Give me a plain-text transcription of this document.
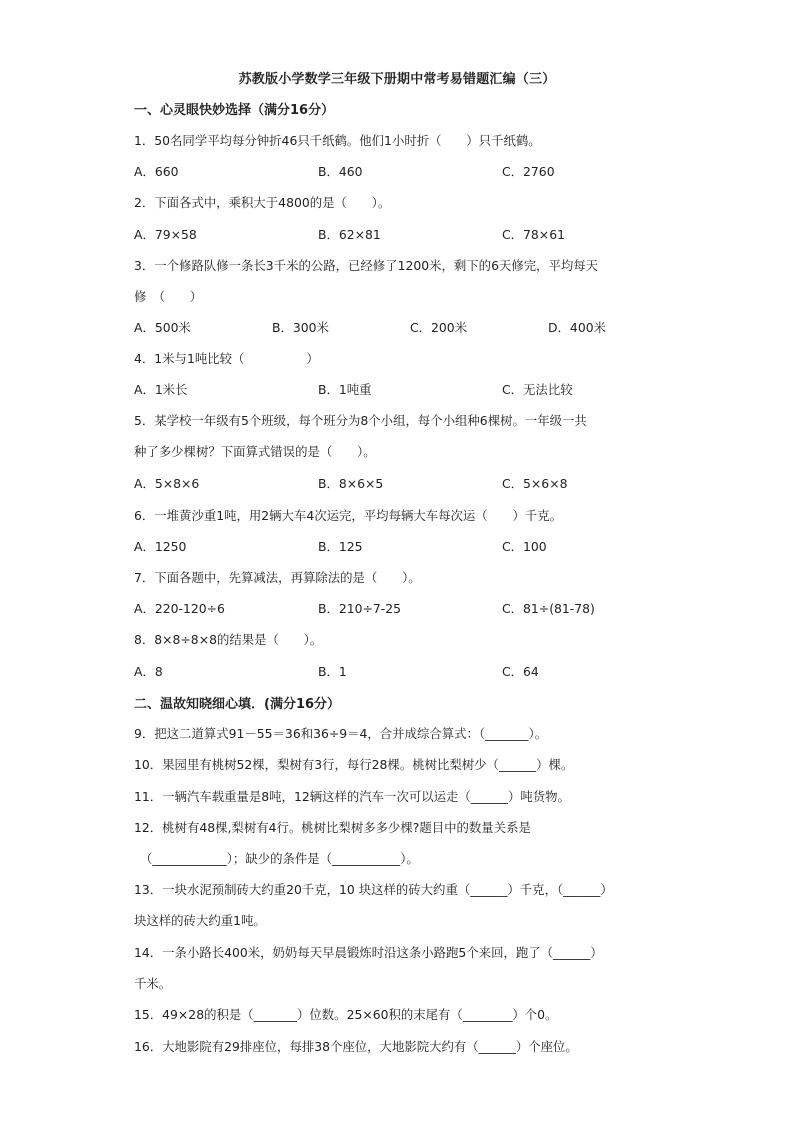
苏教版小学数学三年级下册期中常考易错题汇编（三）
一、心灵眼快妙选择（满分16分）
1．50名同学平均每分钟折46只千纸鹤。他们1小时折（　　）只千纸鹤。
A．660	B．460	C．2760
2．下面各式中，乘积大于4800的是（　　）。
A．79×58	B．62×81	C．78×61
3．一个修路队修一条长3千米的公路，已经修了1200米，剩下的6天修完，平均每天
修　（　　）
A．500米	B．300米	C．200米	D．400米
4．1米与1吨比较（　　　　　）
A．1米长	B．1吨重	C．无法比较
5．某学校一年级有5个班级，每个班分为8个小组，每个小组种6棵树。一年级一共
种了多少棵树？下面算式错误的是（　　）。
A．5×8×6	B．8×6×5	C．5×6×8
6．一堆黄沙重1吨，用2辆大车4次运完，平均每辆大车每次运（　　）千克。
A．1250	B．125	C．100
7．下面各题中，先算减法，再算除法的是（　　）。
A．220-120÷6	B．210÷7-25	C．81÷(81-78)
8．8×8÷8×8的结果是（　　）。
A．8	B．1	C．64
二、温故知晓细心填．(满分16分）
9．把这二道算式91－55＝36和36÷9＝4，合并成综合算式：（_______）。
10．果园里有桃树52棵，梨树有3行，每行28棵。桃树比梨树少（______）棵。
11．一辆汽车载重量是8吨，12辆这样的汽车一次可以运走（______）吨货物。
12．桃树有48棵,梨树有4行。桃树比梨树多多少棵?题目中的数量关系是
（____________）；缺少的条件是（___________）。
13．一块水泥预制砖大约重20千克，10 块这样的砖大约重（______）千克，（______）
块这样的砖大约重1吨。
14．一条小路长400米，奶奶每天早晨锻炼时沿这条小路跑5个来回，跑了（______）
千米。
15．49×28的积是（_______）位数。25×60积的末尾有（________）个0。
16．大地影院有29排座位，每排38个座位，大地影院大约有（______）个座位。
